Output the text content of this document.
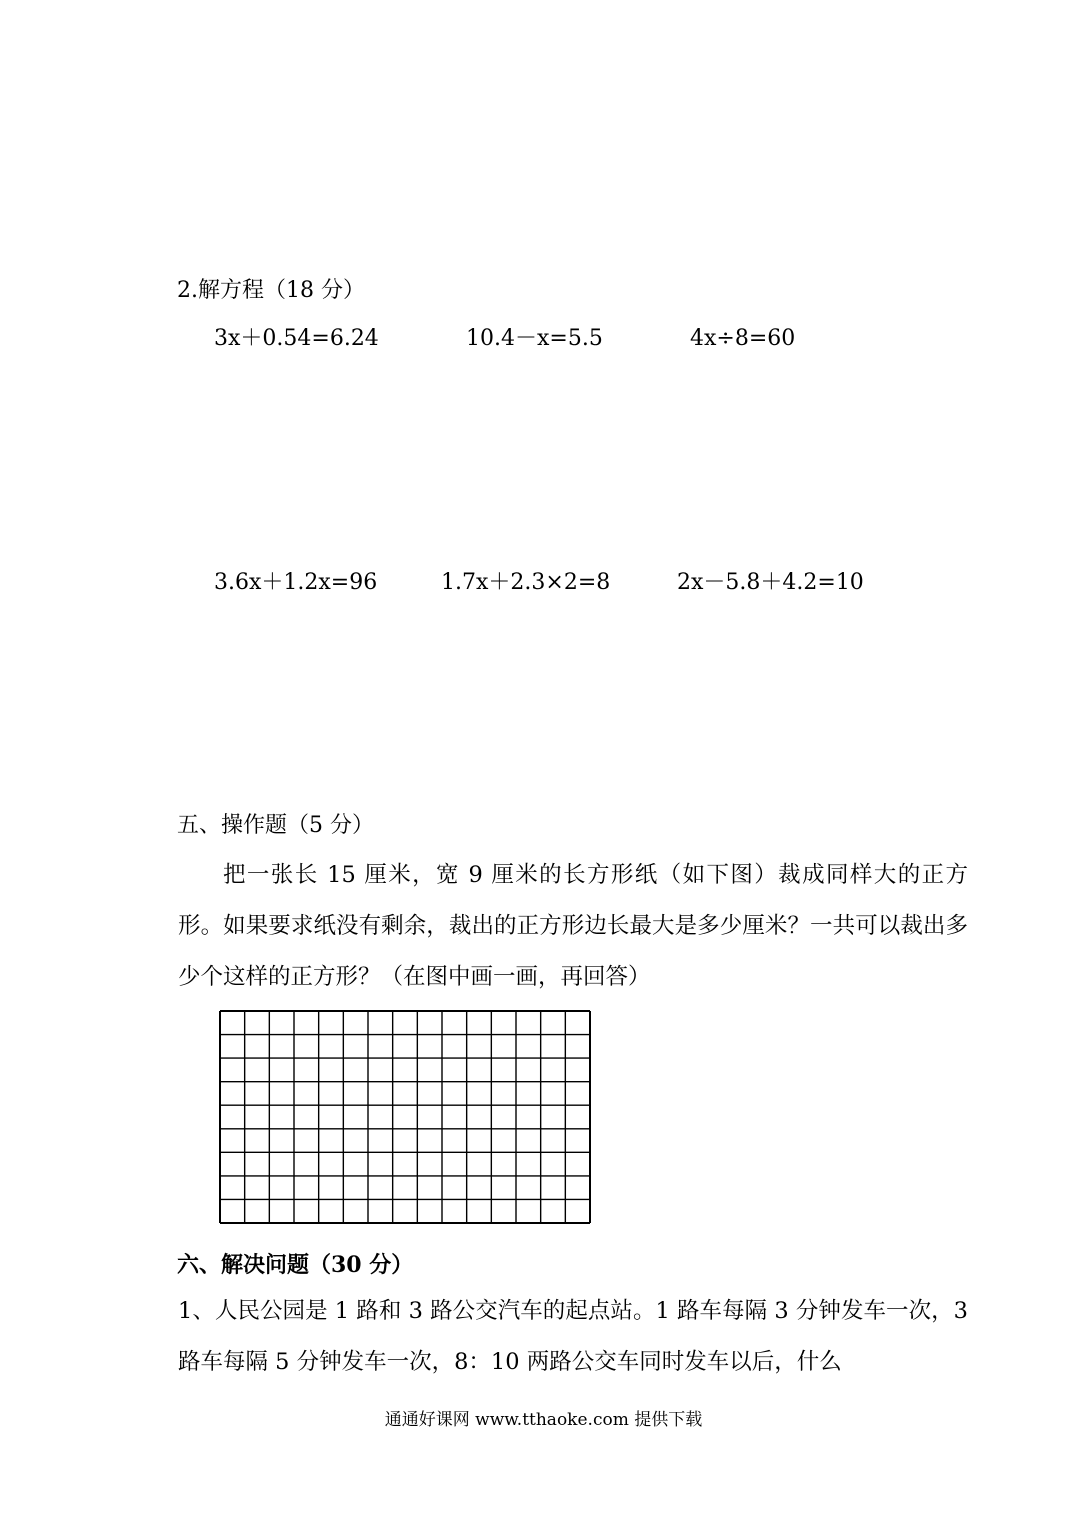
2.解方程（18 分）
3x＋0.54=6.24	10.4－x=5.5	4x÷8=60
3.6x＋1.2x=96	1.7x＋2.3×2=8	2x－5.8＋4.2=10
五、操作题（5 分）
把一张长 15 厘米，宽 9 厘米的长方形纸（如下图）裁成同样大的正方形。如果要求纸没有剩余，裁出的正方形边长最大是多少厘米？一共可以裁出多少个这样的正方形？（在图中画一画，再回答）
六、解决问题（30 分）
1、人民公园是 1 路和 3 路公交汽车的起点站。1 路车每隔 3 分钟发车一次，3 路车每隔 5 分钟发车一次，8：10 两路公交车同时发车以后，什么
通通好课网 www.tthaoke.com 提供下载
